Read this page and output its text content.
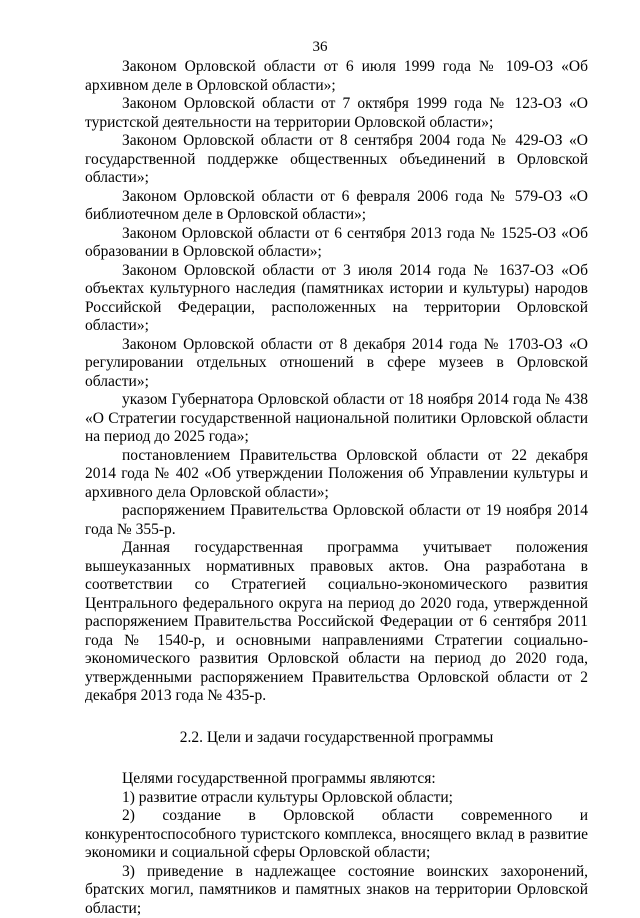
36

Законом Орловской области от 6 июля 1999 года № 109-ОЗ «Об архивном деле в Орловской области»;

Законом Орловской области от 7 октября 1999 года № 123-ОЗ «О туристской деятельности на территории Орловской области»;

Законом Орловской области от 8 сентября 2004 года № 429-ОЗ «О государственной поддержке общественных объединений в Орловской области»;

Законом Орловской области от 6 февраля 2006 года № 579-ОЗ «О библиотечном деле в Орловской области»;

Законом Орловской области от 6 сентября 2013 года № 1525-ОЗ «Об образовании в Орловской области»;

Законом Орловской области от 3 июля 2014 года № 1637-ОЗ «Об объектах культурного наследия (памятниках истории и культуры) народов Российской Федерации, расположенных на территории Орловской области»;

Законом Орловской области от 8 декабря 2014 года № 1703-ОЗ «О регулировании отдельных отношений в сфере музеев в Орловской области»;

указом Губернатора Орловской области от 18 ноября 2014 года № 438 «О Стратегии государственной национальной политики Орловской области на период до 2025 года»;

постановлением Правительства Орловской области от 22 декабря 2014 года № 402 «Об утверждении Положения об Управлении культуры и архивного дела Орловской области»;

распоряжением Правительства Орловской области от 19 ноября 2014 года № 355-р.

Данная государственная программа учитывает положения вышеуказанных нормативных правовых актов. Она разработана в соответствии со Стратегией социально-экономического развития Центрального федерального округа на период до 2020 года, утвержденной распоряжением Правительства Российской Федерации от 6 сентября 2011 года № 1540-р, и основными направлениями Стратегии социально-экономического развития Орловской области на период до 2020 года, утвержденными распоряжением Правительства Орловской области от 2 декабря 2013 года № 435-р.

2.2. Цели и задачи государственной программы

Целями государственной программы являются:

1) развитие отрасли культуры Орловской области;

2) создание в Орловской области современного и конкурентоспособного туристского комплекса, вносящего вклад в развитие экономики и социальной сферы Орловской области;

3) приведение в надлежащее состояние воинских захоронений, братских могил, памятников и памятных знаков на территории Орловской области;
